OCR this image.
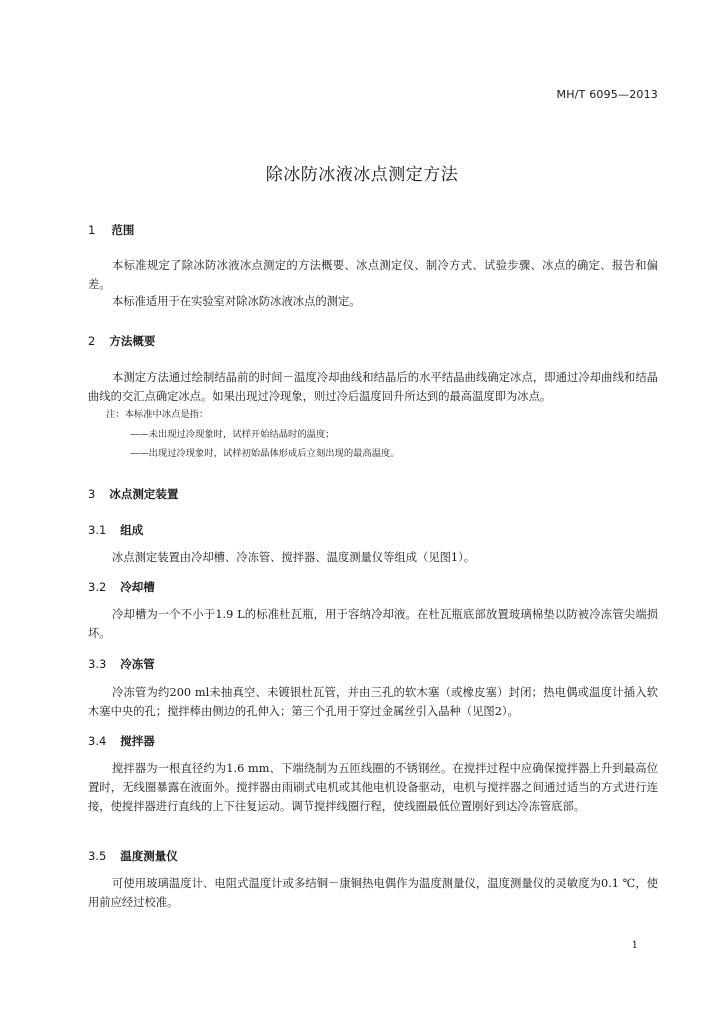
MH/T 6095—2013
除冰防冰液冰点测定方法
1 范围

本标准规定了除冰防冰液冰点测定的方法概要、冰点测定仪、制冷方式、试验步骤、冰点的确定、报告和偏差。

本标准适用于在实验室对除冰防冰液冰点的测定。

2 方法概要

本测定方法通过绘制结晶前的时间－温度冷却曲线和结晶后的水平结晶曲线确定冰点，即通过冷却曲线和结晶曲线的交汇点确定冰点。如果出现过冷现象，则过冷后温度回升所达到的最高温度即为冰点。

注：本标准中冰点是指：

——未出现过冷现象时，试样开始结晶时的温度；

——出现过冷现象时，试样初始晶体形成后立刻出现的最高温度。

3 冰点测定装置
3.1 组成

冰点测定装置由冷却槽、冷冻管、搅拌器、温度测量仪等组成（见图1）。

3.2 冷却槽

冷却槽为一个不小于1.9 L的标准杜瓦瓶，用于容纳冷却液。在杜瓦瓶底部放置玻璃棉垫以防被冷冻管尖端损坏。

3.3 冷冻管

冷冻管为约200 ml未抽真空、未镀银杜瓦管，并由三孔的软木塞（或橡皮塞）封闭；热电偶或温度计插入软木塞中央的孔；搅拌棒由侧边的孔伸入；第三个孔用于穿过金属丝引入晶种（见图2）。

3.4 搅拌器

搅拌器为一根直径约为1.6 mm、下端绕制为五匝线圈的不锈钢丝。在搅拌过程中应确保搅拌器上升到最高位置时，无线圈暴露在液面外。搅拌器由雨刷式电机或其他电机设备驱动，电机与搅拌器之间通过适当的方式进行连接，使搅拌器进行直线的上下往复运动。调节搅拌线圈行程，使线圈最低位置刚好到达冷冻管底部。

3.5 温度测量仪

可使用玻璃温度计、电阻式温度计或多结铜－康铜热电偶作为温度测量仪，温度测量仪的灵敏度为0.1 ℃，使用前应经过校准。

1
